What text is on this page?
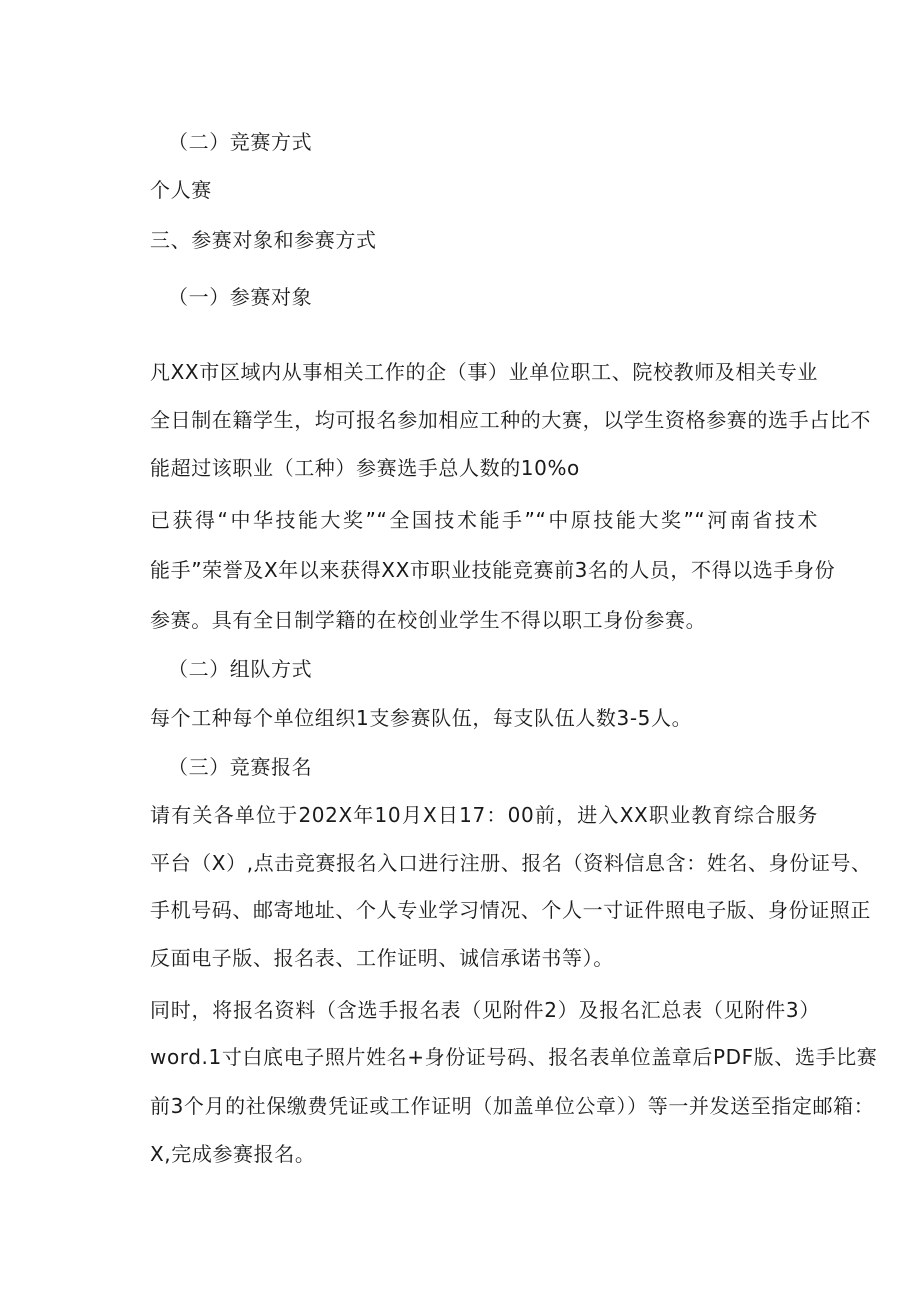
（二）竞赛方式
个人赛
三、参赛对象和参赛方式
（一）参赛对象
凡XX市区域内从事相关工作的企（事）业单位职工、院校教师及相关专业
全日制在籍学生，均可报名参加相应工种的大赛，以学生资格参赛的选手占比不
能超过该职业（工种）参赛选手总人数的10%o
已获得“中华技能大奖”“全国技术能手”“中原技能大奖”“河南省技术
能手”荣誉及X年以来获得XX市职业技能竞赛前3名的人员，不得以选手身份
参赛。具有全日制学籍的在校创业学生不得以职工身份参赛。
（二）组队方式
每个工种每个单位组织1支参赛队伍，每支队伍人数3-5人。
（三）竞赛报名
请有关各单位于202X年10月X日17：00前，进入XX职业教育综合服务
平台（X）,点击竞赛报名入口进行注册、报名（资料信息含：姓名、身份证号、
手机号码、邮寄地址、个人专业学习情况、个人一寸证件照电子版、身份证照正
反面电子版、报名表、工作证明、诚信承诺书等）。
同时，将报名资料（含选手报名表（见附件2）及报名汇总表（见附件3）
word.1寸白底电子照片姓名+身份证号码、报名表单位盖章后PDF版、选手比赛
前3个月的社保缴费凭证或工作证明（加盖单位公章））等一并发送至指定邮箱：
X,完成参赛报名。
